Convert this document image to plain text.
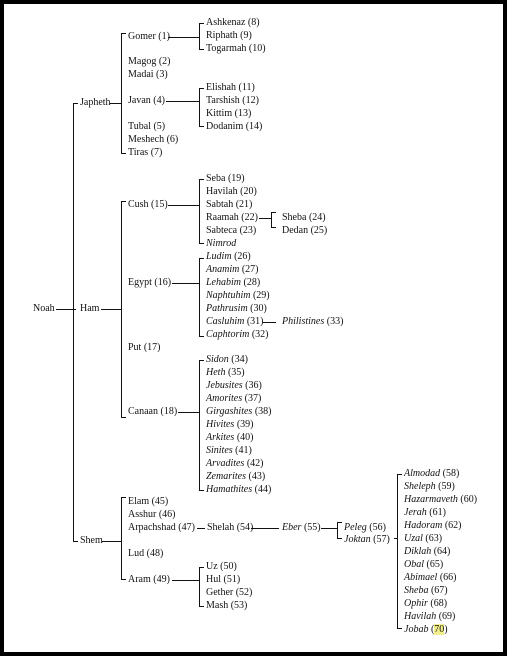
Noah
Japheth
Ham
Shem
Gomer (1)
Ashkenaz (8)
Riphath (9)
Togarmah (10)
Magog (2)
Madai (3)
Javan (4)
Elishah (11)
Tarshish (12)
Kittim (13)
Dodanim (14)
Tubal (5)
Meshech (6)
Tiras (7)
Cush (15)
Seba (19)
Havilah (20)
Sabtah (21)
Raamah (22)
Sabteca (23)
Nimrod
Sheba (24)
Dedan (25)
Egypt (16)
Ludim (26)
Anamim (27)
Lehabim (28)
Naphtuhim (29)
Pathrusim (30)
Casluhim (31)
Caphtorim (32)
Philistines (33)
Put (17)
Canaan (18)
Sidon (34)
Heth (35)
Jebusites (36)
Amorites (37)
Girgashites (38)
Hivites (39)
Arkites (40)
Sinites (41)
Arvadites (42)
Zemarites (43)
Hamathites (44)
Elam (45)
Asshur (46)
Arpachshad (47) Shelah (54)	Eber (55) Peleg (56)
Joktan (57)
Almodad (58)
Sheleph (59)
Hazarmaveth (60)
Jerah (61)
Hadoram (62)
Uzal (63)
Diklah (64)
Obal (65)
Abimael (66)
Sheba (67)
Ophir (68)
Havilah (69)
Jobab (70)
Lud (48)
Aram (49)
Uz (50)
Hul (51)
Gether (52)
Mash (53)
